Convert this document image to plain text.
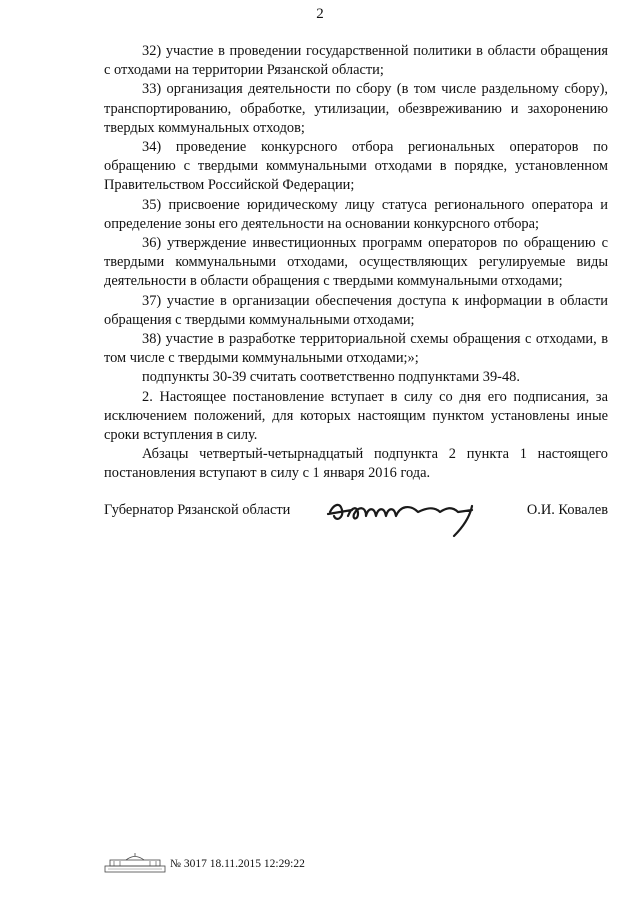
2

32) участие в проведении государственной политики в области обращения с отходами на территории Рязанской области;

33) организация деятельности по сбору (в том числе раздельному сбору), транспортированию, обработке, утилизации, обезвреживанию и захоронению твердых коммунальных отходов;

34) проведение конкурсного отбора региональных операторов по обращению с твердыми коммунальными отходами в порядке, установленном Правительством Российской Федерации;

35) присвоение юридическому лицу статуса регионального оператора и определение зоны его деятельности на основании конкурсного отбора;

36) утверждение инвестиционных программ операторов по обращению с твердыми коммунальными отходами, осуществляющих регулируемые виды деятельности в области обращения с твердыми коммунальными отходами;

37) участие в организации обеспечения доступа к информации в области обращения с твердыми коммунальными отходами;

38) участие в разработке территориальной схемы обращения с отходами, в том числе с твердыми коммунальными отходами;»;

подпункты 30-39 считать соответственно подпунктами 39-48.

2. Настоящее постановление вступает в силу со дня его подписания, за исключением положений, для которых настоящим пунктом установлены иные сроки вступления в силу.

Абзацы четвертый-четырнадцатый подпункта 2 пункта 1 настоящего постановления вступают в силу с 1 января 2016 года.

Губернатор Рязанской области	О.И. Ковалев
№ 3017 18.11.2015 12:29:22
